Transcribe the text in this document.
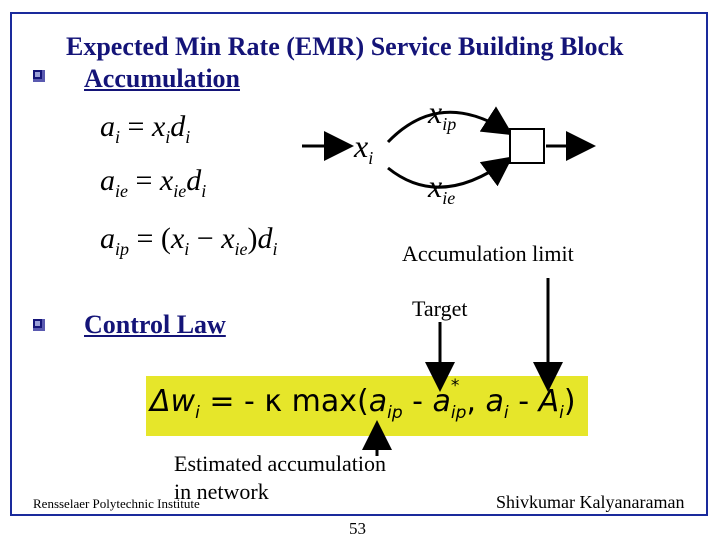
Expected Min Rate (EMR) Service Building Block
Accumulation
$a_i = x_id_i$
$a_{ie} = x_{ie}d_i$
$a_{ip} = (x_i - x_{ie})d_i$
$x_i$
$x_{ip}$
$x_{ie}$
Accumulation limit
Target
Control Law
$\Delta w_i$ = - κ $\max(a_{ip}$ - a *
$_{ip}$, $a_i - A_i$)
Estimated accumulation
in network
Rensselaer Polytechnic Institute	Shivkumar Kalyanaraman
53
